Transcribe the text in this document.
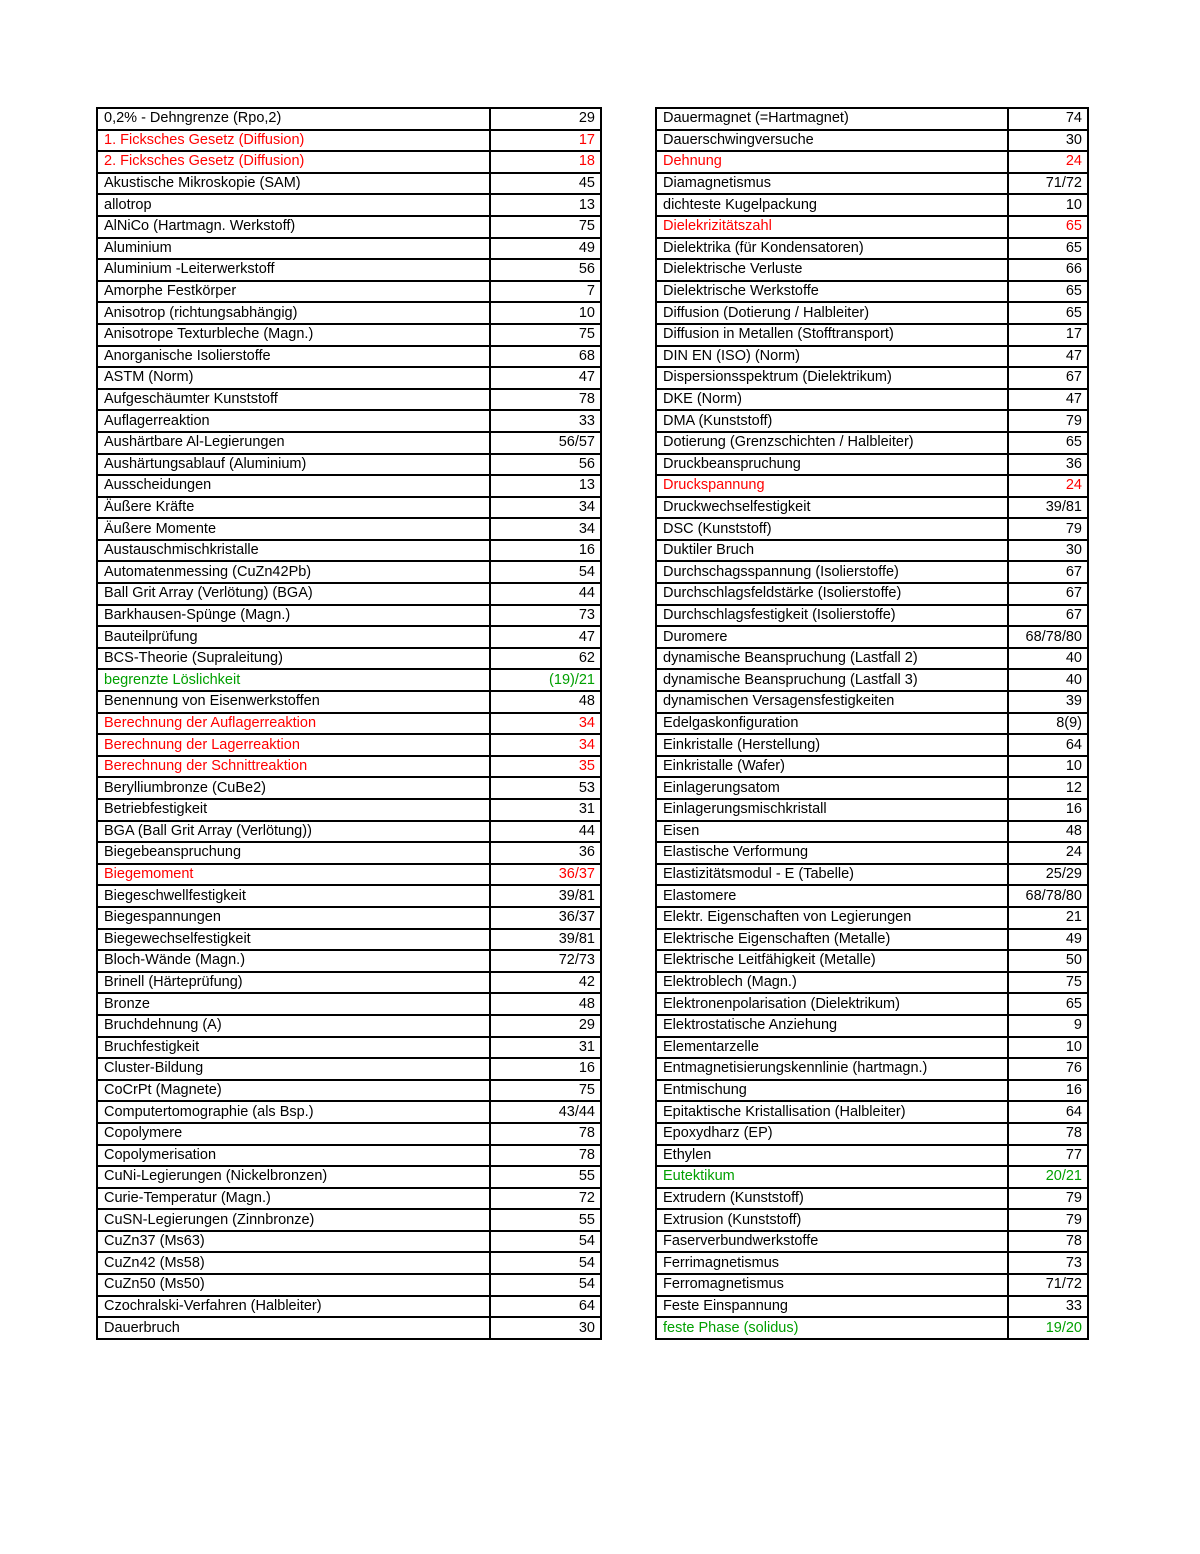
0,2% - Dehngrenze (Rpo,2)	29
1. Ficksches Gesetz (Diffusion)	17
2. Ficksches Gesetz (Diffusion)	18
Akustische Mikroskopie (SAM)	45
allotrop	13
AlNiCo (Hartmagn. Werkstoff)	75
Aluminium	49
Aluminium -Leiterwerkstoff	56
Amorphe Festkörper	7
Anisotrop (richtungsabhängig)	10
Anisotrope Texturbleche (Magn.)	75
Anorganische Isolierstoffe	68
ASTM (Norm)	47
Aufgeschäumter Kunststoff	78
Auflagerreaktion	33
Aushärtbare Al-Legierungen	56/57
Aushärtungsablauf (Aluminium)	56
Ausscheidungen	13
Äußere Kräfte	34
Äußere Momente	34
Austauschmischkristalle	16
Automatenmessing (CuZn42Pb)	54
Ball Grit Array (Verlötung) (BGA)	44
Barkhausen-Spünge (Magn.)	73
Bauteilprüfung	47
BCS-Theorie (Supraleitung)	62
begrenzte Löslichkeit	(19)/21
Benennung von Eisenwerkstoffen	48
Berechnung der Auflagerreaktion	34
Berechnung der Lagerreaktion	34
Berechnung der Schnittreaktion	35
Berylliumbronze (CuBe2)	53
Betriebfestigkeit	31
BGA (Ball Grit Array (Verlötung))	44
Biegebeanspruchung	36
Biegemoment	36/37
Biegeschwellfestigkeit	39/81
Biegespannungen	36/37
Biegewechselfestigkeit	39/81
Bloch-Wände (Magn.)	72/73
Brinell (Härteprüfung)	42
Bronze	48
Bruchdehnung (A)	29
Bruchfestigkeit	31
Cluster-Bildung	16
CoCrPt (Magnete)	75
Computertomographie (als Bsp.)	43/44
Copolymere	78
Copolymerisation	78
CuNi-Legierungen (Nickelbronzen)	55
Curie-Temperatur (Magn.)	72
CuSN-Legierungen (Zinnbronze)	55
CuZn37 (Ms63)	54
CuZn42 (Ms58)	54
CuZn50 (Ms50)	54
Czochralski-Verfahren (Halbleiter)	64
Dauerbruch	30
Dauermagnet (=Hartmagnet)	74
Dauerschwingversuche	30
Dehnung	24
Diamagnetismus	71/72
dichteste Kugelpackung	10
Dielekrizitätszahl	65
Dielektrika (für Kondensatoren)	65
Dielektrische Verluste	66
Dielektrische Werkstoffe	65
Diffusion (Dotierung / Halbleiter)	65
Diffusion in Metallen (Stofftransport)	17
DIN EN (ISO) (Norm)	47
Dispersionsspektrum (Dielektrikum)	67
DKE (Norm)	47
DMA (Kunststoff)	79
Dotierung (Grenzschichten / Halbleiter)	65
Druckbeanspruchung	36
Druckspannung	24
Druckwechselfestigkeit	39/81
DSC (Kunststoff)	79
Duktiler Bruch	30
Durchschagsspannung (Isolierstoffe)	67
Durchschlagsfeldstärke (Isolierstoffe)	67
Durchschlagsfestigkeit (Isolierstoffe)	67
Duromere	68/78/80
dynamische Beanspruchung (Lastfall 2)	40
dynamische Beanspruchung (Lastfall 3)	40
dynamischen Versagensfestigkeiten	39
Edelgaskonfiguration	8(9)
Einkristalle (Herstellung)	64
Einkristalle (Wafer)	10
Einlagerungsatom	12
Einlagerungsmischkristall	16
Eisen	48
Elastische Verformung	24
Elastizitätsmodul - E (Tabelle)	25/29
Elastomere	68/78/80
Elektr. Eigenschaften von Legierungen	21
Elektrische Eigenschaften (Metalle)	49
Elektrische Leitfähigkeit (Metalle)	50
Elektroblech (Magn.)	75
Elektronenpolarisation (Dielektrikum)	65
Elektrostatische Anziehung	9
Elementarzelle	10
Entmagnetisierungskennlinie (hartmagn.)	76
Entmischung	16
Epitaktische Kristallisation (Halbleiter)	64
Epoxydharz (EP)	78
Ethylen	77
Eutektikum	20/21
Extrudern (Kunststoff)	79
Extrusion (Kunststoff)	79
Faserverbundwerkstoffe	78
Ferrimagnetismus	73
Ferromagnetismus	71/72
Feste Einspannung	33
feste Phase (solidus)	19/20
